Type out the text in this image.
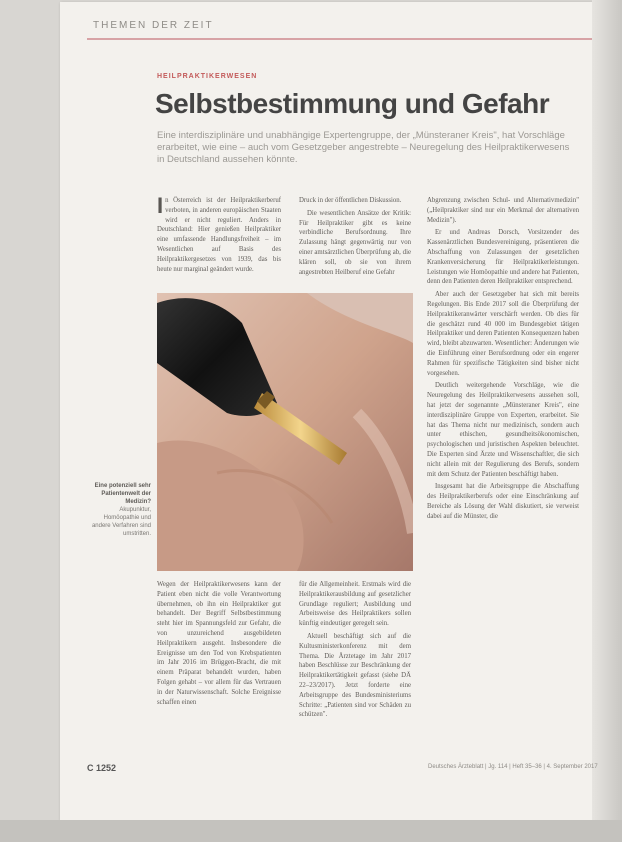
THEMEN DER ZEIT
HEILPRAKTIKERWESEN
Selbstbestimmung und Gefahr
Eine interdisziplinäre und unabhängige Expertengruppe, der „Münsteraner Kreis", hat Vorschläge erarbeitet, wie eine – auch vom Gesetzgeber angestrebte – Neuregelung des Heilpraktikerwesens in Deutschland aussehen könnte.

In Österreich ist der Heilpraktikerberuf verboten, in anderen europäischen Staaten wird er nicht reguliert. Anders in Deutschland: Hier genießen Heilpraktiker eine umfassende Handlungsfreiheit – im Wesentlichen auf Basis des Heilpraktikergesetzes von 1939, das bis heute nur marginal geändert wurde.

Druck in der öffentlichen Diskussion.

Die wesentlichen Ansätze der Kritik: Für Heilpraktiker gibt es keine verbindliche Berufsordnung. Ihre Zulassung hängt gegenwärtig nur von einer amtsärztlichen Überprüfung ab, die klären soll, ob sie von ihrem angestrebten Heilberuf eine Gefahr

Abgrenzung zwischen Schul- und Alternativmedizin" („Heilpraktiker sind nur ein Merkmal der alternativen Medizin").

Er und Andreas Dorsch, Vorsitzender des Kassenärztlichen Bundesvereinigung, präsentieren die Abschaffung von Zulassungen der gesetzlichen Krankenversicherung für Heilpraktikerleistungen. Leistungen wie Homöopathie und andere hat Patienten, denn den Patienten deren Heilpraktiker entsprechend.

Aber auch der Gesetzgeber hat sich mit bereits Regelungen. Bis Ende 2017 soll die Überprüfung der Heilpraktikeranwärter verschärft werden. Ob dies für die geschätzt rund 40 000 im Bundesgebiet tätigen Heilpraktiker und deren Patienten Konsequenzen haben wird, bleibt abzuwarten. Wesentlicher: Änderungen wie die Einführung einer Berufsordnung oder ein engerer Rahmen für spezifische Tätigkeiten sind bisher nicht vorgesehen.

Deutlich weitergehende Vorschläge, wie die Neuregelung des Heilpraktikerwesens aussehen soll, hat jetzt der sogenannte „Münsteraner Kreis", eine interdisziplinäre Gruppe von Experten, erarbeitet. Sie hat das Thema nicht nur medizinisch, sondern auch unter ethischen, gesundheitsökonomischen, psychologischen und juristischen Aspekten beleuchtet. Die Experten sind Ärzte und Wissenschaftler, die sich nicht allein mit der Regulierung des Berufs, sondern mit dem Schutz der Patienten beschäftigt haben.

Insgesamt hat die Arbeitsgruppe die Abschaffung des Heilpraktikerberufs oder eine Einschränkung auf Bereiche als Lösung der Wahl diskutiert, sie verweist dabei auf die Münster, die

Eine potenziell sehr Patientenwelt der Medizin?
Akupunktur, Homöopathie und andere Verfahren sind umstritten.

Wegen der Heilpraktikerwesens kann der Patient eben nicht die volle Verantwortung übernehmen, ob ihn ein Heilpraktiker gut behandelt. Der Begriff Selbstbestimmung steht hier im Spannungsfeld zur Gefahr, die von unzureichend ausgebildeten Heilpraktikern ausgeht. Insbesondere die Ereignisse um den Tod von Krebspatienten im Jahr 2016 im Brüggen-Bracht, die mit einem Präparat behandelt wurden, haben Folgen gehabt – vor allem für das Vertrauen in der Naturwissenschaft. Solche Ereignisse schaffen einen

für die Allgemeinheit. Erstmals wird die Heilpraktikerausbildung auf gesetzlicher Grundlage reguliert; Ausbildung und Arbeitsweise des Heilpraktikers sollen künftig eindeutiger geregelt sein.

Aktuell beschäftigt sich auf die Kultusministerkonferenz mit dem Thema. Die Ärztetage im Jahr 2017 haben Beschlüsse zur Beschränkung der Heilpraktikertätigkeit gefasst (siehe DÄ 22–23/2017). Jetzt forderte eine Arbeitsgruppe des Bundesministeriums Schritte: „Patienten sind vor Schäden zu schützen".

C 1252	Deutsches Ärzteblatt | Jg. 114 | Heft 35–36 | 4. September 2017
